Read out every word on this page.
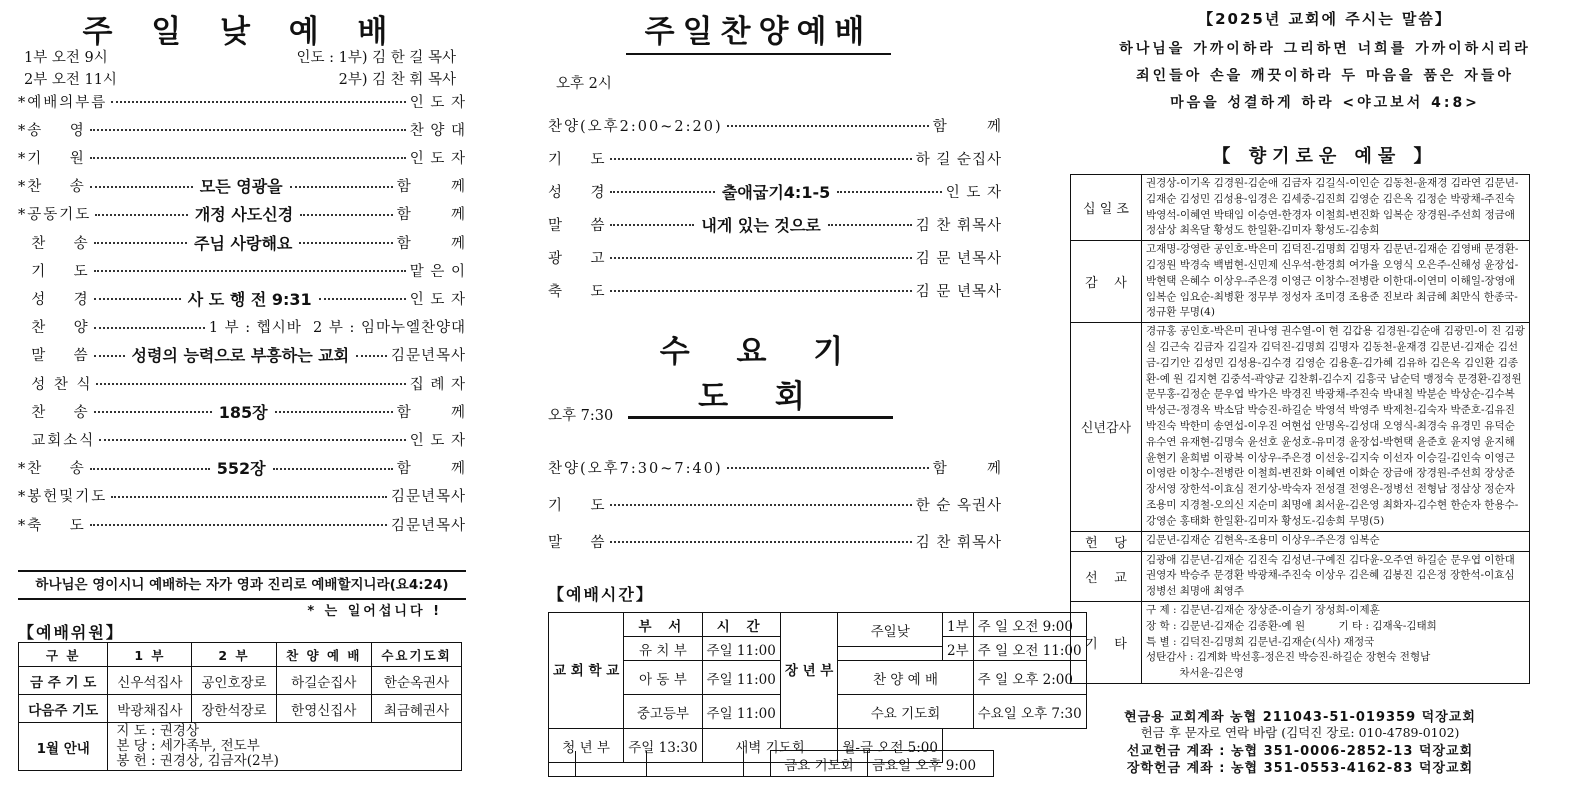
주 일 낮 예 배
1부 오전 9시
2부 오전 11시
인도 : 1부) 김 한 길 목사
2부) 김 찬 휘 목사
*예배의부름	인 도 자
*송    영	찬 양 대
*기    원	인 도 자
*찬    송	모든 영광을	함       께
*공동기도	개정 사도신경	함       께
찬    송	주님 사랑해요	함       께
기    도	맡 은 이
성    경	사 도 행 전 9:31	인 도 자
찬    양	1 부 : 헵시바  2 부 : 임마누엘찬양대
말    씀	성령의 능력으로 부흥하는 교회	김문년목사
성 찬 식	집 례 자
찬    송	185장	함       께
교회소식	인 도 자
*찬    송	552장	함       께
*봉헌및기도	김문년목사
*축    도	김문년목사
하나님은 영이시니 예배하는 자가 영과 진리로 예배할지니라(요4:24)
* 는 일어섭니다 !
【예배위원】
구 분	1 부	2 부	찬 양 예 배	수요기도회
금 주 기 도	신우석집사	공인호장로	하길순집사	한순옥권사
다음주 기도	박광채집사	장한석장로	한영신집사	최금혜권사
1월 안내	지 도 : 권경상
본 당 : 세가족부, 전도부
봉 헌 : 권경상, 김금자(2부)			
주일찬양예배
오후 2시
찬양(오후2:00~2:20)	함       께
기    도	하 길 순집사
성    경	출애굽기4:1-5	인 도 자
말    씀	내게 있는 것으로	김 찬 휘목사
광    고	김 문 년목사
축    도	김 문 년목사
수 요 기 도 회
오후 7:30
찬양(오후7:30~7:40)	함       께
기    도	한 순 옥권사
말    씀	김 찬 휘목사
【예배시간】
교 회 학 교	부 서	시 간	장 년 부	주일낮	1부	주 일 오전 9:00
	유 치 부	주일 11:00			2부	주 일 오전 11:00

	아 동 부	주일 11:00		찬 양 예 배		주 일 오후 2:00
	중고등부	주일 11:00		수요 기도회		수요일 오후 7:30
청 년 부	주일 13:30	새벽 기도회		월-금 오전 5:00		
				금요 기도회	금요일 오후 9:00
【2025년 교회에 주시는 말씀】
하나님을 가까이하라 그리하면 너희를 가까이하시리라
죄인들아 손을 깨끗이하라 두 마음을 품은 자들아
마음을 성결하게 하라 <야고보서 4:8>
【 향기로운 예물 】
십 일 조	권경상-이기옥 김경원-김순애 김금자 김길식-이인순 김동천-윤재경 김라연 김문년-김재순 김성민 김성용-임경은 김세중-김진희 김영순 김은옥 김정순 박광채-주진숙 박영석-이혜연 박태임 이승연-한경자 이철희-변진화 임복순 장경원-주선희 정금애 정삼상 최옥달 황성도 한일환-김미자 황성도-김송희
감    사	고재명-강영란 공인호-박은미 김덕진-김명희 김명자 김문년-김재순 김영배 문경환-김정원 박경숙 백범현-신민제 신우석-한경희 여가율 오영식 오은주-신해성 윤장섭-박현택 은혜수 이상우-주은경 이영근 이창수-전병란 이한대-이연미 이해일-장영애 임복순 임요순-최병환 정무부 정성자 조미경 조용준 진보라 최금혜 최만식 한종국-정규환 무명(4)
신년감사	경규홍 공인호-박은미 권나영 권수열-이 현 김갑용 김경원-김순애 김광민-이 진 김광실 김근숙 김금자 김길자 김덕진-김명희 김명자 김동천-윤재경 김문년-김재순 김선금-김기안 김성민 김성용-김수경 김영순 김용훈-김가혜 김유하 김은옥 김인환 김종환-예 원 김지현 김중석-곽양균 김찬휘-김수지 김흥국 남순덕 맹정숙 문경환-김정원 문무홍-김정순 문우엽 박가은 박경진 박광채-주진숙 박내칠 박분순 박상순-김수복 박성근-정경옥 박소담 박승진-하길순 박영석 박영주 박제천-김숙자 박준호-김유진 박진숙 박한미 송연섭-이우진 여현섭 안명옥-김성대 오영식-최경숙 유경민 유덕순 유수연 유재현-김명숙 윤선호 윤성호-유미경 윤장섭-박현택 윤준호 윤지영 윤지해 윤현기 윤희범 이광복 이상우-주은경 이선웅-김지숙 이선자 이승길-김인숙 이영근 이영란 이창수-전병란 이철희-변진화 이혜연 이화순 장금애 장경원-주선희 장상준 장서영 장한석-이효심 전기상-박숙자 전성결 전영은-정병선 전형남 정삼상 정순자 조용미 지경철-오의신 지순미 최명애 최서윤-김은영 최화자-김수현 한순자 한용수-강영순 홍태화 한일환-김미자 황성도-김송희 무명(5)
헌    당	김문년-김재순 김현옥-조용미 이상우-주은경 임복순
선    교	김광애 김문년-김재순 김진숙 김성년-구예진 김다윤-오주연 하길순 문우엽 이한대 권영자 박승주 문경환 박광채-주진숙 이상우 김은혜 김봉진 김은정 장한석-이효심 정병선 최명애 최영주
기    타	구 제 : 김문년-김재순 장상준-이슬기 장성희-이제훈
장 학 : 김문년-김재순 김종환-예 원          기 타 : 김재욱-김태희
특 별 : 김덕진-김명희 김문년-김재순(식사) 재정국
성탄감사 : 김계화 박선홍-정은진 박승진-하길순 장현숙 전형남
차서윤-김은영
현금용 교회계좌 농협 211043-51-019359 덕장교회
헌금 후 문자로 연락 바람 (김덕진 장로: 010-4789-0102)
선교헌금 계좌 : 농협 351-0006-2852-13 덕장교회
장학헌금 계좌 : 농협 351-0553-4162-83 덕장교회
